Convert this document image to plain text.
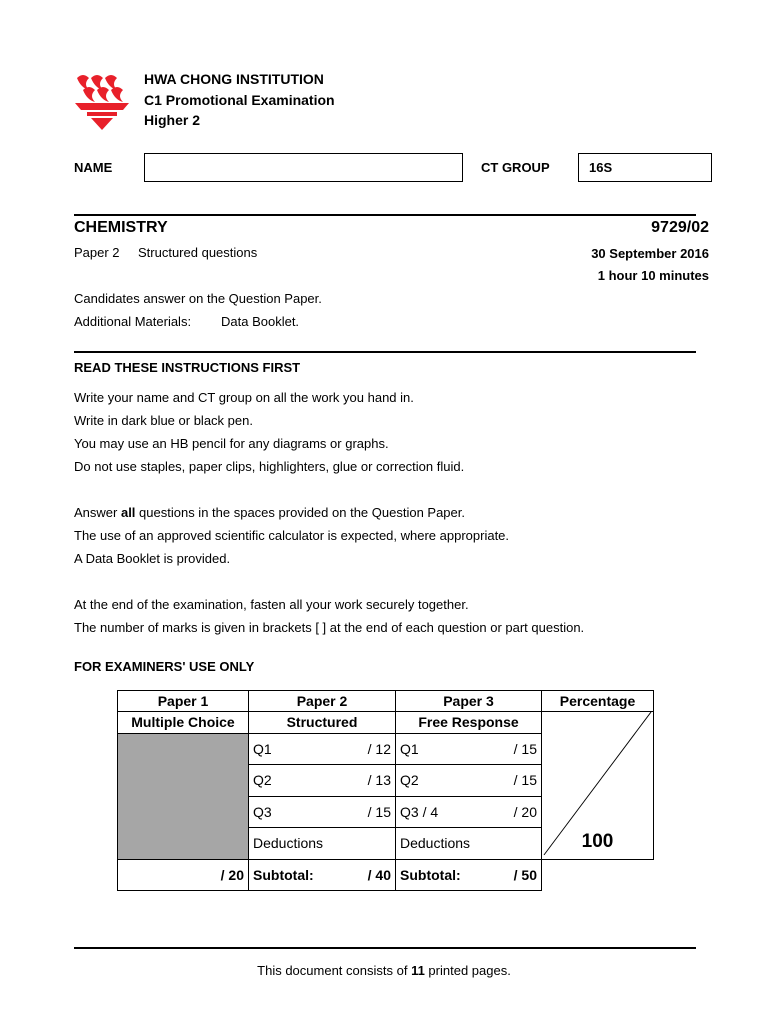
HWA CHONG INSTITUTION
C1 Promotional Examination
Higher 2
NAME	CT GROUP	16S
CHEMISTRY	9729/02
Paper 2 Structured questions	30 September 2016
1 hour 10 minutes
Candidates answer on the Question Paper.
Additional Materials: Data Booklet.
READ THESE INSTRUCTIONS FIRST
Write your name and CT group on all the work you hand in.
Write in dark blue or black pen.
You may use an HB pencil for any diagrams or graphs.
Do not use staples, paper clips, highlighters, glue or correction fluid.
Answer all questions in the spaces provided on the Question Paper.
The use of an approved scientific calculator is expected, where appropriate.
A Data Booklet is provided.
At the end of the examination, fasten all your work securely together.
The number of marks is given in brackets [ ] at the end of each question or part question.
FOR EXAMINERS' USE ONLY
Paper 1	Paper 2	Paper 3	Percentage
Multiple Choice	Structured	Free Response	100

	Q1 / 12	Q1 / 15	

	Q2 / 13	Q2 / 15	

	Q3 / 15	Q3 / 4 / 20	

	Deductions	Deductions	
/ 20	Subtotal: / 40	Subtotal: / 50	
This document consists of 11 printed pages.
